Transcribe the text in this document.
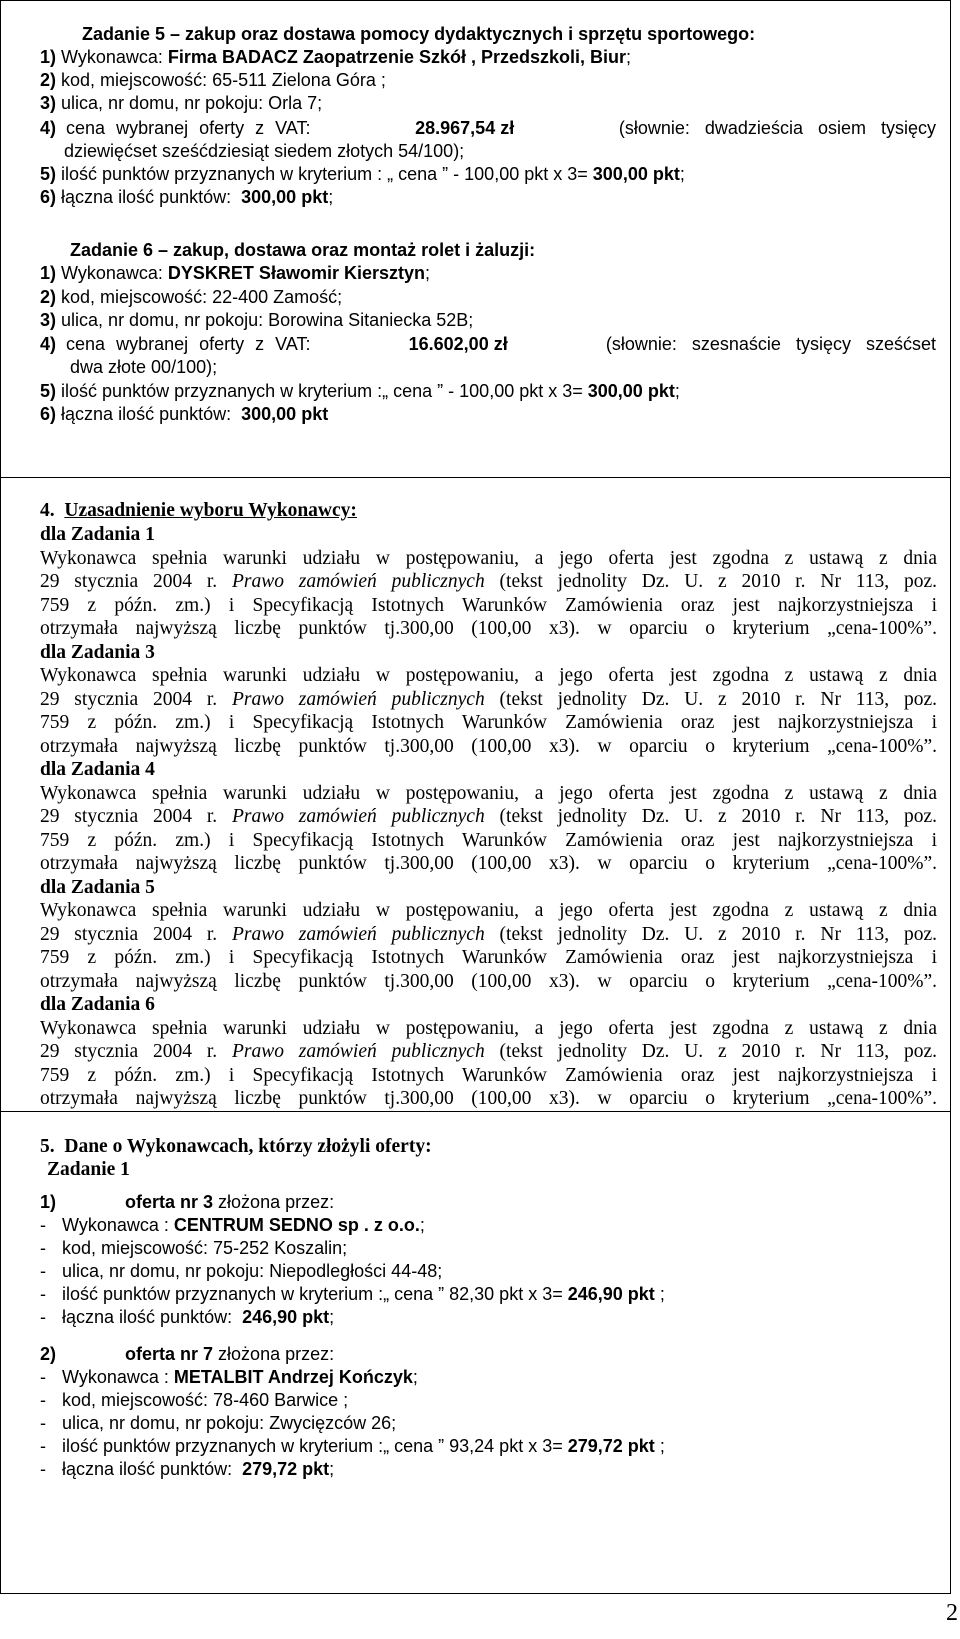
Zadanie 5 – zakup oraz dostawa pomocy dydaktycznych i sprzętu sportowego:
1) Wykonawca: Firma BADACZ Zaopatrzenie Szkół , Przedszkoli, Biur;
2) kod, miejscowość: 65-511 Zielona Góra ;
3) ulica, nr domu, nr pokoju: Orla 7;
4) cena wybranej oferty z VAT:	28.967,54 zł	(słownie: dwadzieścia osiem tysięcy
dziewięćset sześćdziesiąt siedem złotych 54/100);
5) ilość punktów przyznanych w kryterium : „ cena ” - 100,00 pkt x 3= 300,00 pkt;
6) łączna ilość punktów: 300,00 pkt;
Zadanie 6 – zakup, dostawa oraz montaż rolet i żaluzji:
1) Wykonawca: DYSKRET Sławomir Kiersztyn;
2) kod, miejscowość: 22-400 Zamość;
3) ulica, nr domu, nr pokoju: Borowina Sitaniecka 52B;
4) cena wybranej oferty z VAT:	16.602,00 zł	(słownie: szesnaście tysięcy sześćset
dwa złote 00/100);
5) ilość punktów przyznanych w kryterium :„ cena ” - 100,00 pkt x 3= 300,00 pkt;
6) łączna ilość punktów: 300,00 pkt
4. Uzasadnienie wyboru Wykonawcy:
dla Zadania 1
Wykonawca spełnia warunki udziału w postępowaniu, a jego oferta jest zgodna z ustawą z dnia
29 stycznia 2004 r. Prawo zamówień publicznych (tekst jednolity Dz. U. z 2010 r. Nr 113, poz.
759 z późn. zm.) i Specyfikacją Istotnych Warunków Zamówienia oraz jest najkorzystniejsza i
otrzymała najwyższą liczbę punktów tj.300,00 (100,00 x3). w oparciu o kryterium „cena-100%”.
dla Zadania 3
Wykonawca spełnia warunki udziału w postępowaniu, a jego oferta jest zgodna z ustawą z dnia
29 stycznia 2004 r. Prawo zamówień publicznych (tekst jednolity Dz. U. z 2010 r. Nr 113, poz.
759 z późn. zm.) i Specyfikacją Istotnych Warunków Zamówienia oraz jest najkorzystniejsza i
otrzymała najwyższą liczbę punktów tj.300,00 (100,00 x3). w oparciu o kryterium „cena-100%”.
dla Zadania 4
Wykonawca spełnia warunki udziału w postępowaniu, a jego oferta jest zgodna z ustawą z dnia
29 stycznia 2004 r. Prawo zamówień publicznych (tekst jednolity Dz. U. z 2010 r. Nr 113, poz.
759 z późn. zm.) i Specyfikacją Istotnych Warunków Zamówienia oraz jest najkorzystniejsza i
otrzymała najwyższą liczbę punktów tj.300,00 (100,00 x3). w oparciu o kryterium „cena-100%”.
dla Zadania 5
Wykonawca spełnia warunki udziału w postępowaniu, a jego oferta jest zgodna z ustawą z dnia
29 stycznia 2004 r. Prawo zamówień publicznych (tekst jednolity Dz. U. z 2010 r. Nr 113, poz.
759 z późn. zm.) i Specyfikacją Istotnych Warunków Zamówienia oraz jest najkorzystniejsza i
otrzymała najwyższą liczbę punktów tj.300,00 (100,00 x3). w oparciu o kryterium „cena-100%”.
dla Zadania 6
Wykonawca spełnia warunki udziału w postępowaniu, a jego oferta jest zgodna z ustawą z dnia
29 stycznia 2004 r. Prawo zamówień publicznych (tekst jednolity Dz. U. z 2010 r. Nr 113, poz.
759 z późn. zm.) i Specyfikacją Istotnych Warunków Zamówienia oraz jest najkorzystniejsza i
otrzymała najwyższą liczbę punktów tj.300,00 (100,00 x3). w oparciu o kryterium „cena-100%”.
5. Dane o Wykonawcach, którzy złożyli oferty:
Zadanie 1
1)	oferta nr 3 złożona przez:
- Wykonawca : CENTRUM SEDNO sp . z o.o.;
- kod, miejscowość: 75-252 Koszalin;
- ulica, nr domu, nr pokoju: Niepodległości 44-48;
- ilość punktów przyznanych w kryterium :„ cena ” 82,30 pkt x 3= 246,90 pkt ;
- łączna ilość punktów: 246,90 pkt;
2)	oferta nr 7 złożona przez:
- Wykonawca : METALBIT Andrzej Kończyk;
- kod, miejscowość: 78-460 Barwice ;
- ulica, nr domu, nr pokoju: Zwycięzców 26;
- ilość punktów przyznanych w kryterium :„ cena ” 93,24 pkt x 3= 279,72 pkt ;
- łączna ilość punktów: 279,72 pkt;
2
